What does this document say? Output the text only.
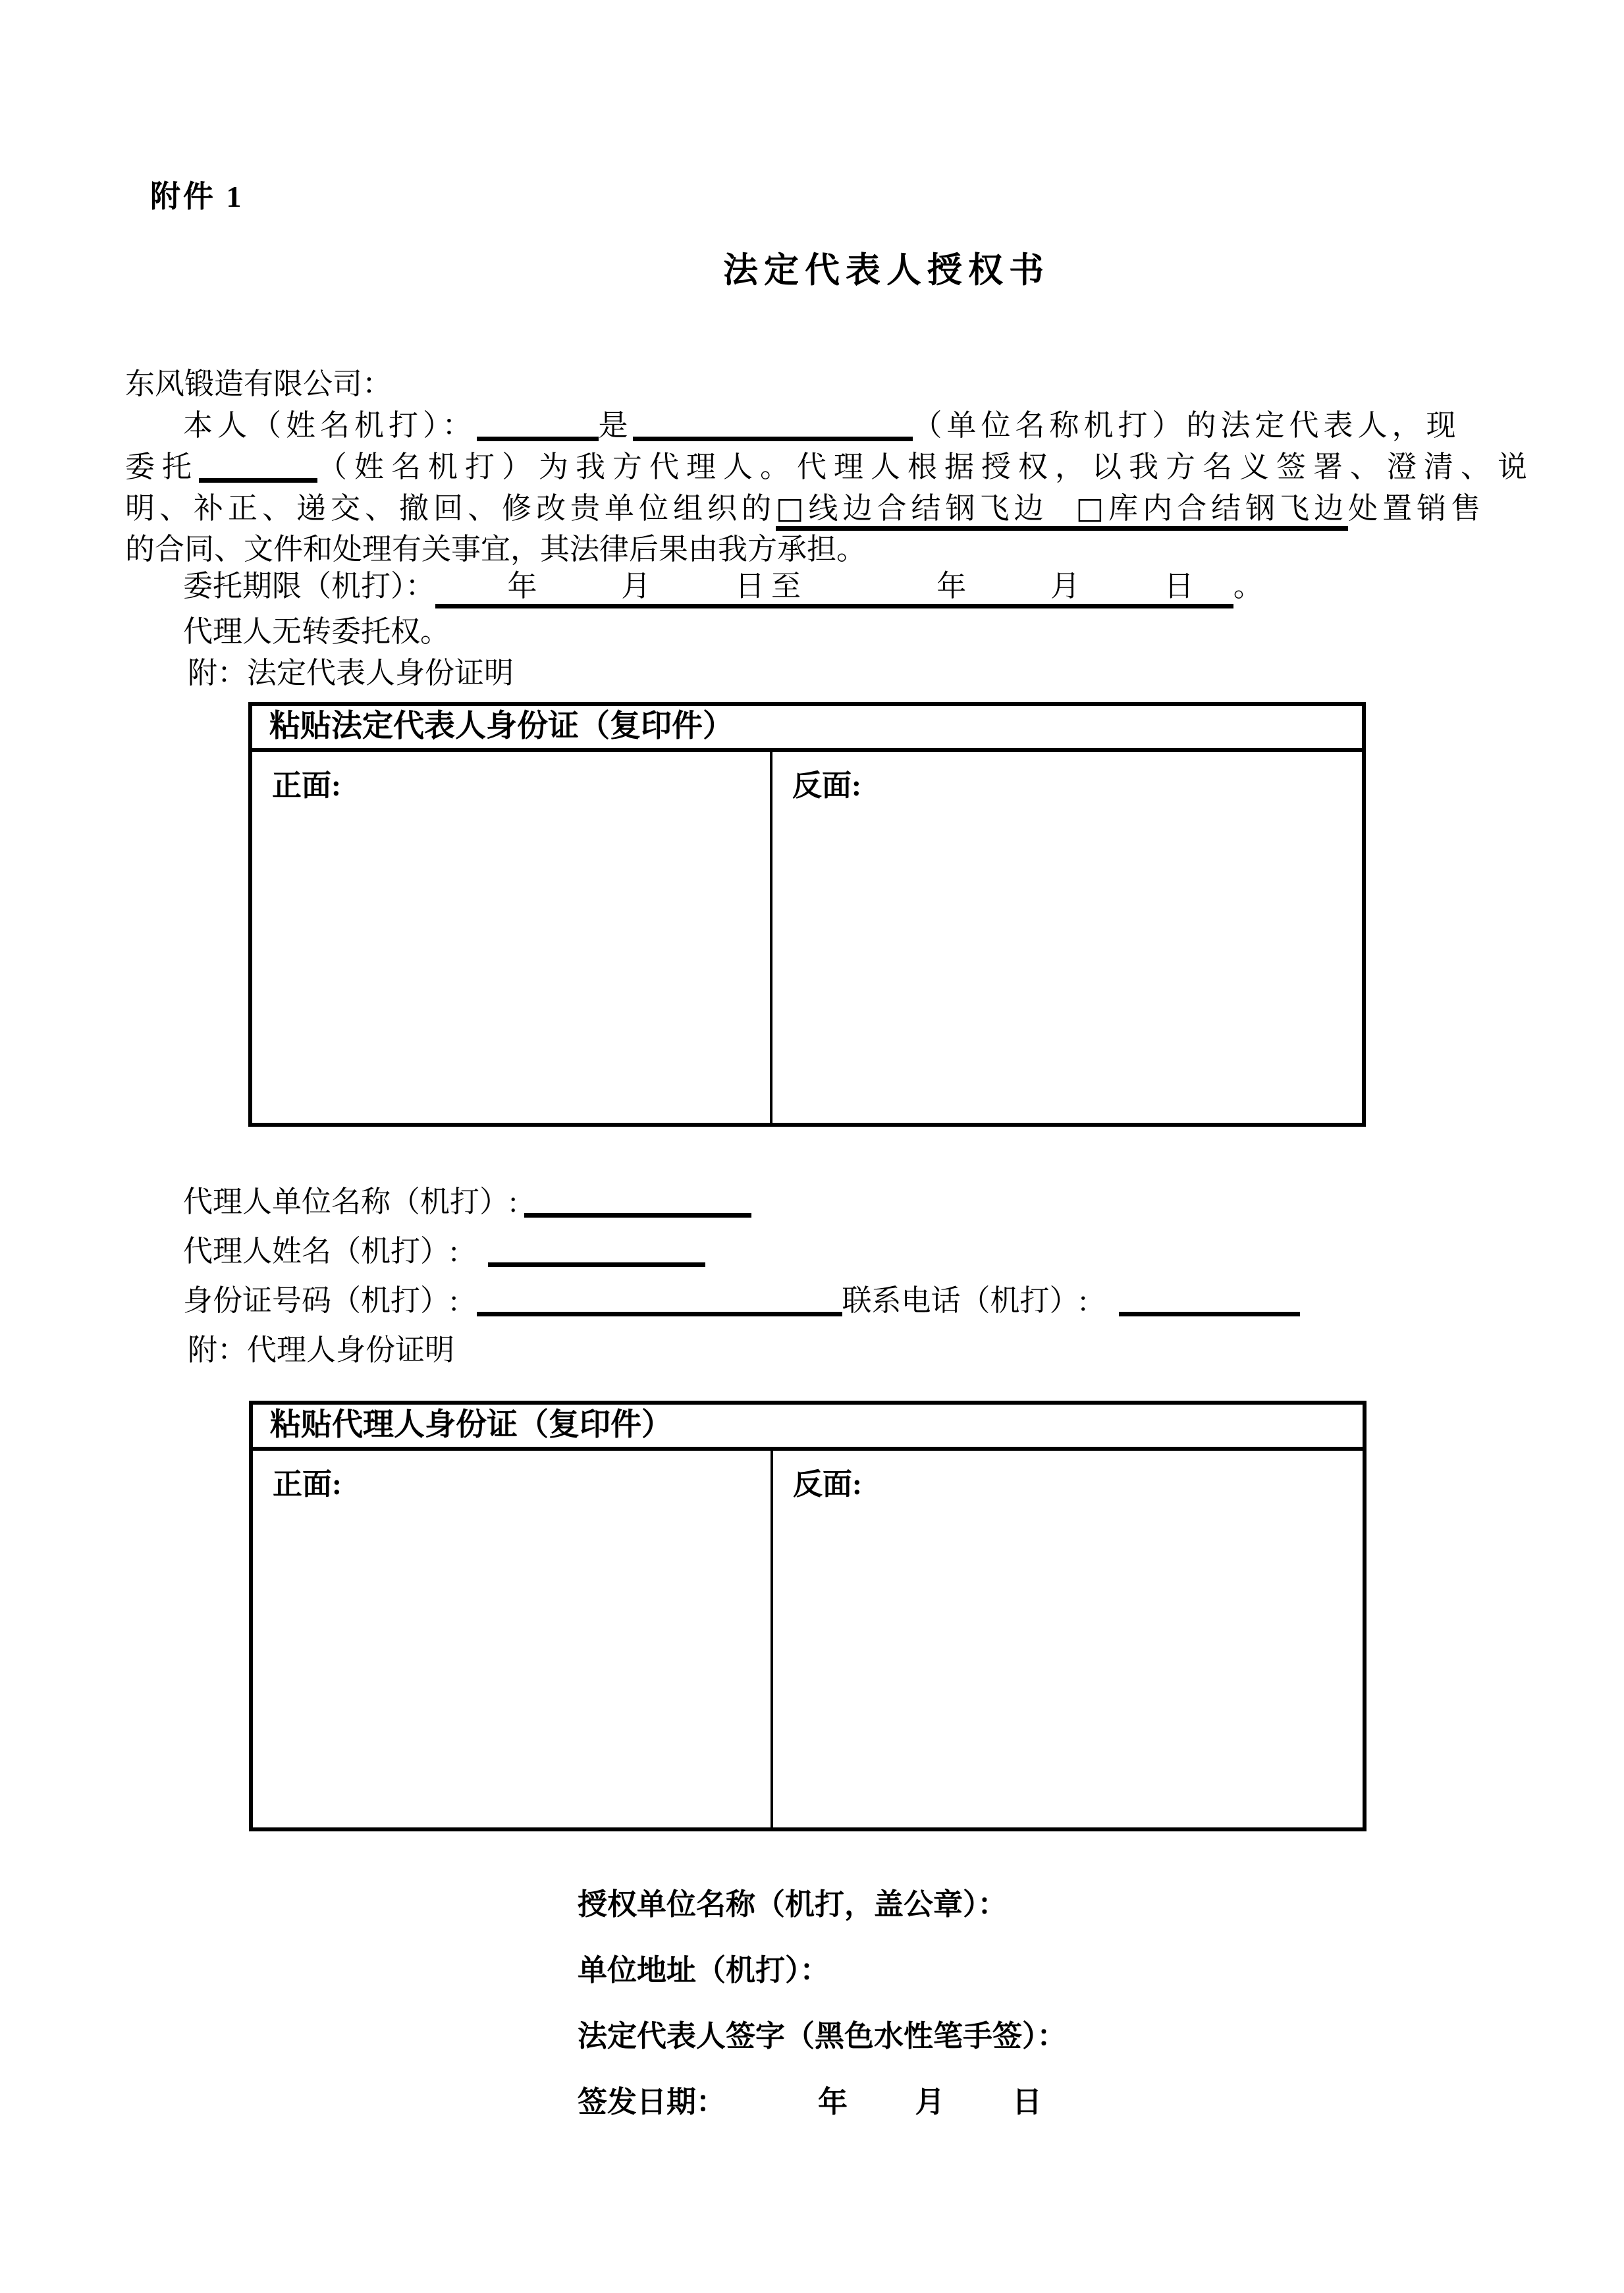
附件 1
法定代表人授权书
东风锻造有限公司：
本人（姓名机打）：	是	（单位名称机打）的法定代表人，现
委托	（姓名机打）为我方代理人。代理人根据授权，以我方名义签署、澄清、说
明、补正、递交、撤回、修改贵单位组织的□线边合结钢飞边 □库内合结钢飞边处置销售
的合同、文件和处理有关事宜，其法律后果由我方承担。
委托期限（机打）： 年   月   日至     年   月   日 。
代理人无转委托权。
附：法定代表人身份证明
粘贴法定代表人身份证（复印件）
正面:	反面:
代理人单位名称（机打）:
代理人姓名（机打）:
身份证号码（机打）:	联系电话（机打）:
附：代理人身份证明
粘贴代理人身份证（复印件）
正面:	反面:
授权单位名称（机打，盖公章）：
单位地址（机打）：
法定代表人签字（黑色水性笔手签）：
签发日期：	年  月  日
